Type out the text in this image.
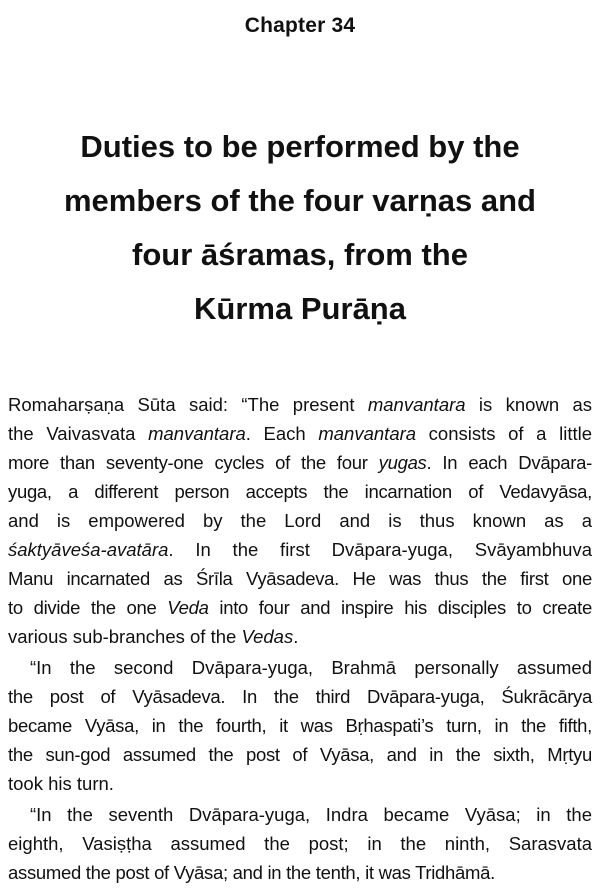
Chapter 34
Duties to be performed by the
members of the four varṇas and
four āśramas, from the
Kūrma Purāṇa
Romaharṣaṇa Sūta said: “The present manvantara is known as
the Vaivasvata manvantara. Each manvantara consists of a little
more than seventy-one cycles of the four yugas. In each Dvāpara-
yuga, a different person accepts the incarnation of Vedavyāsa,
and is empowered by the Lord and is thus known as a
śaktyāveśa-avatāra. In the first Dvāpara-yuga, Svāyambhuva
Manu incarnated as Śrīla Vyāsadeva. He was thus the first one
to divide the one Veda into four and inspire his disciples to create
various sub-branches of the Vedas.
“In the second Dvāpara-yuga, Brahmā personally assumed
the post of Vyāsadeva. In the third Dvāpara-yuga, Śukrācārya
became Vyāsa, in the fourth, it was Bṛhaspati’s turn, in the fifth,
the sun-god assumed the post of Vyāsa, and in the sixth, Mṛtyu
took his turn.
“In the seventh Dvāpara-yuga, Indra became Vyāsa; in the
eighth, Vasiṣṭha assumed the post; in the ninth, Sarasvata
assumed the post of Vyāsa; and in the tenth, it was Tridhāmā.
